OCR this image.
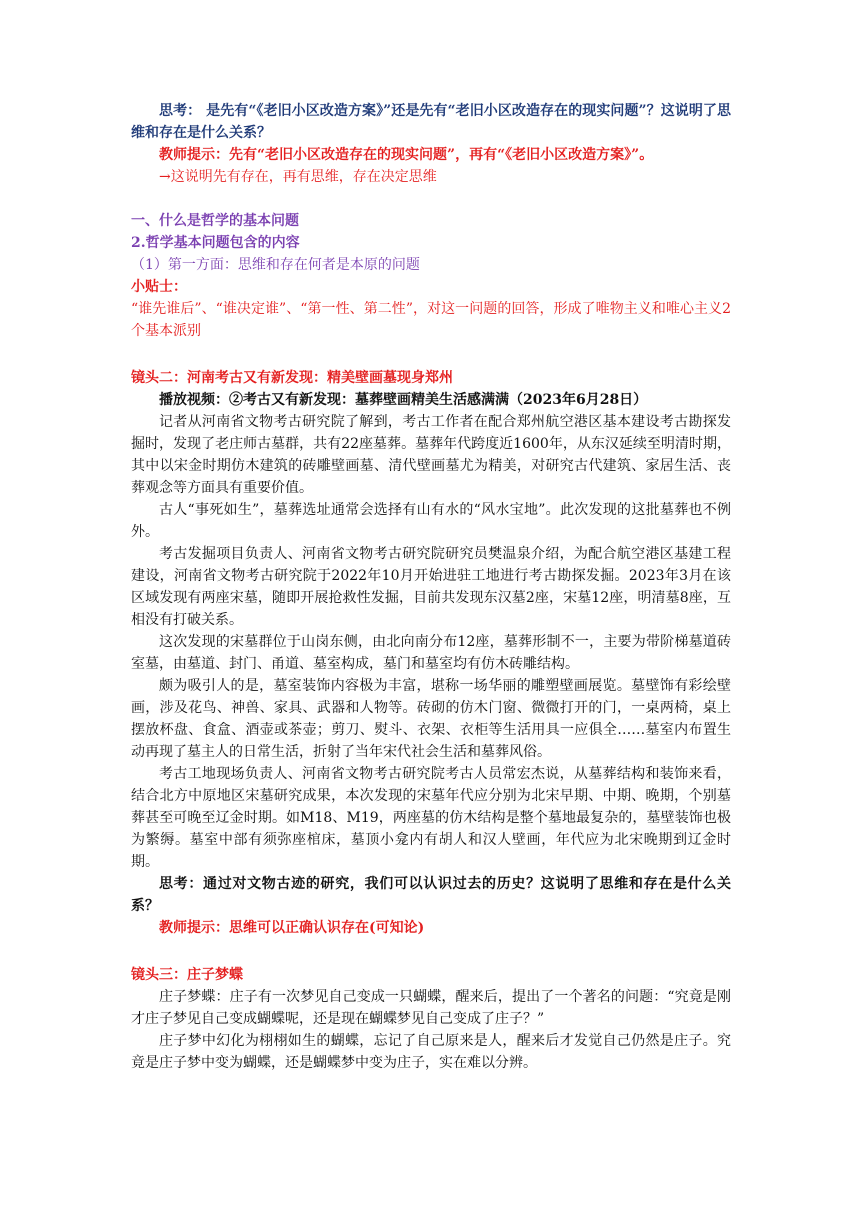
思考： 是先有“《老旧小区改造方案》”还是先有“老旧小区改造存在的现实问题”？这说明了思维和存在是什么关系？

教师提示：先有“老旧小区改造存在的现实问题”，再有“《老旧小区改造方案》”。

→这说明先有存在，再有思维，存在决定思维

一、什么是哲学的基本问题

2.哲学基本问题包含的内容

（1）第一方面：思维和存在何者是本原的问题

小贴士：

“谁先谁后”、“谁决定谁”、“第一性、第二性”，对这一问题的回答，形成了唯物主义和唯心主义2个基本派别

镜头二：河南考古又有新发现：精美壁画墓现身郑州

播放视频：②考古又有新发现：墓葬壁画精美生活感满满（2023年6月28日）

记者从河南省文物考古研究院了解到，考古工作者在配合郑州航空港区基本建设考古勘探发掘时，发现了老庄师古墓群，共有22座墓葬。墓葬年代跨度近1600年，从东汉延续至明清时期，其中以宋金时期仿木建筑的砖雕壁画墓、清代壁画墓尤为精美，对研究古代建筑、家居生活、丧葬观念等方面具有重要价值。

古人“事死如生”，墓葬选址通常会选择有山有水的“风水宝地”。此次发现的这批墓葬也不例外。

考古发掘项目负责人、河南省文物考古研究院研究员樊温泉介绍，为配合航空港区基建工程建设，河南省文物考古研究院于2022年10月开始进驻工地进行考古勘探发掘。2023年3月在该区域发现有两座宋墓，随即开展抢救性发掘，目前共发现东汉墓2座，宋墓12座，明清墓8座，互相没有打破关系。

这次发现的宋墓群位于山岗东侧，由北向南分布12座，墓葬形制不一，主要为带阶梯墓道砖室墓，由墓道、封门、甬道、墓室构成，墓门和墓室均有仿木砖雕结构。

颇为吸引人的是，墓室装饰内容极为丰富，堪称一场华丽的雕塑壁画展览。墓壁饰有彩绘壁画，涉及花鸟、神兽、家具、武器和人物等。砖砌的仿木门窗、微微打开的门，一桌两椅，桌上摆放杯盘、食盒、酒壶或茶壶；剪刀、熨斗、衣架、衣柜等生活用具一应俱全……墓室内布置生动再现了墓主人的日常生活，折射了当年宋代社会生活和墓葬风俗。

考古工地现场负责人、河南省文物考古研究院考古人员常宏杰说，从墓葬结构和装饰来看，结合北方中原地区宋墓研究成果，本次发现的宋墓年代应分别为北宋早期、中期、晚期，个别墓葬甚至可晚至辽金时期。如M18、M19，两座墓的仿木结构是整个墓地最复杂的，墓壁装饰也极为繁缛。墓室中部有须弥座棺床，墓顶小龛内有胡人和汉人壁画，年代应为北宋晚期到辽金时期。

思考：通过对文物古迹的研究，我们可以认识过去的历史？这说明了思维和存在是什么关系？

教师提示：思维可以正确认识存在(可知论)

镜头三：庄子梦蝶

庄子梦蝶：庄子有一次梦见自己变成一只蝴蝶，醒来后，提出了一个著名的问题：“究竟是刚才庄子梦见自己变成蝴蝶呢，还是现在蝴蝶梦见自己变成了庄子？”

庄子梦中幻化为栩栩如生的蝴蝶，忘记了自己原来是人，醒来后才发觉自己仍然是庄子。究竟是庄子梦中变为蝴蝶，还是蝴蝶梦中变为庄子，实在难以分辨。
